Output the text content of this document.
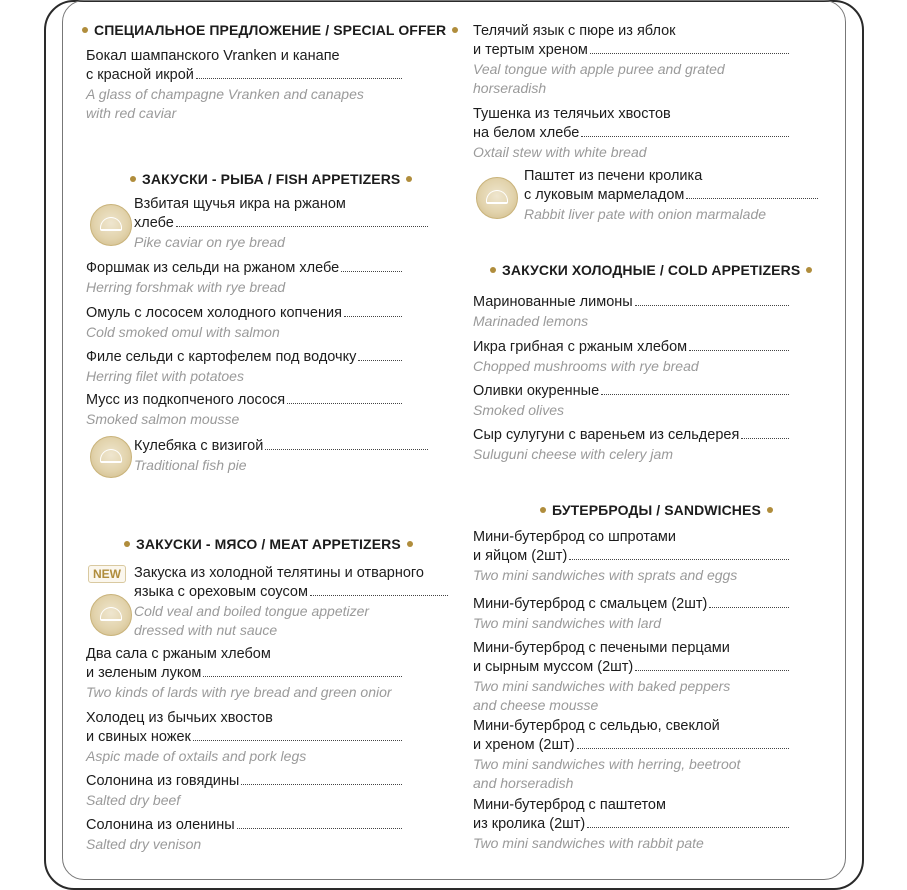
СПЕЦИАЛЬНОЕ ПРЕДЛОЖЕНИЕ / SPECIAL OFFER
Бокал шампанского Vranken и канапе
с красной икрой
A glass of champagne Vranken and canapes
with red caviar
ЗАКУСКИ - РЫБА / FISH APPETIZERS
Взбитая щучья икра на ржаном
хлебе
Pike caviar on rye bread
Форшмак из сельди на ржаном хлебе
Herring forshmak with rye bread
Омуль с лососем холодного копчения
Cold smoked omul with salmon
Филе сельди с картофелем под водочку
Herring filet with potatoes
Мусс из подкопченого лосося
Smoked salmon mousse
Кулебяка с визигой
Traditional fish pie
ЗАКУСКИ - МЯСО / MEAT APPETIZERS
NEW Закуска из холодной телятины и отварного
языка с ореховым соусом
Cold veal and boiled tongue appetizer
dressed with nut sauce
Два сала с ржаным хлебом
и зеленым луком
Two kinds of lards with rye bread and green onior
Холодец из бычьих хвостов
и свиных ножек
Aspic made of oxtails and pork legs
Солонина из говядины
Salted dry beef
Солонина из оленины
Salted dry venison
Телячий язык с пюре из яблок
и тертым хреном
Veal tongue with apple puree and grated
horseradish
Тушенка из телячьих хвостов
на белом хлебе
Oxtail stew with white bread
Паштет из печени кролика
с луковым мармеладом
Rabbit liver pate with onion marmalade
ЗАКУСКИ ХОЛОДНЫЕ / COLD APPETIZERS
Маринованные лимоны
Marinaded lemons
Икра грибная с ржаным хлебом
Chopped mushrooms with rye bread
Оливки окуренные
Smoked olives
Сыр сулугуни с вареньем из сельдерея
Suluguni cheese with celery jam
БУТЕРБРОДЫ / SANDWICHES
Мини-бутерброд со шпротами
и яйцом (2шт)
Two mini sandwiches with sprats and eggs
Мини-бутерброд с смальцем (2шт)
Two mini sandwiches with lard
Мини-бутерброд с печеными перцами
и сырным муссом (2шт)
Two mini sandwiches with baked peppers
and cheese mousse
Мини-бутерброд с сельдью, свеклой
и хреном (2шт)
Two mini sandwiches with herring, beetroot
and horseradish
Мини-бутерброд с паштетом
из кролика (2шт)
Two mini sandwiches with rabbit pate
